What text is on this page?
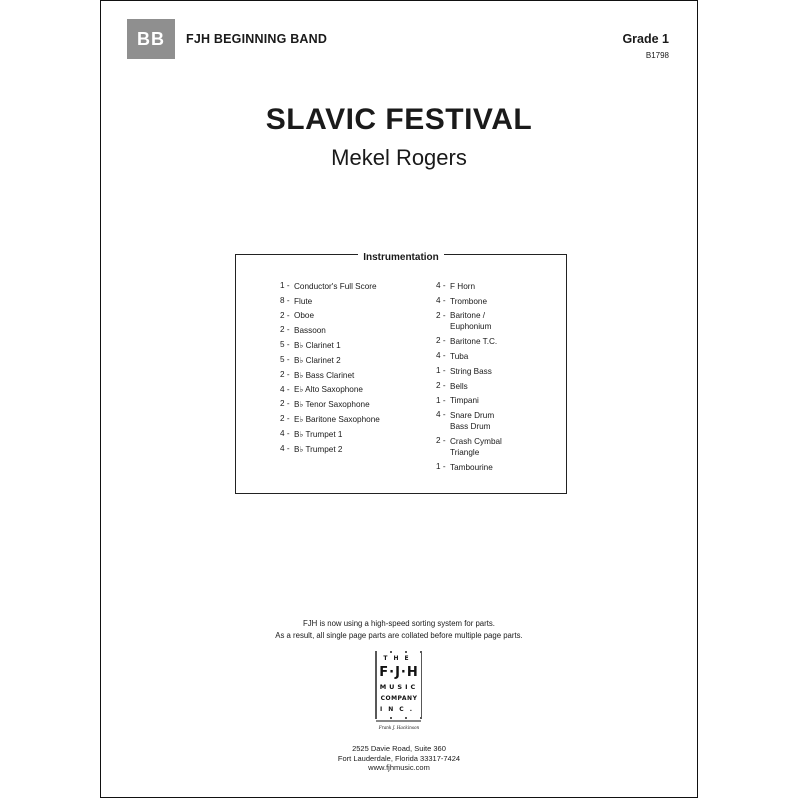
BB	FJH BEGINNING BAND	Grade 1
B1798
SLAVIC FESTIVAL
Mekel Rogers
Instrumentation
1 - Conductor's Full Score
8 - Flute
2 - Oboe
2 - Bassoon
5 - B♭ Clarinet 1
5 - B♭ Clarinet 2
2 - B♭ Bass Clarinet
4 - E♭ Alto Saxophone
2 - B♭ Tenor Saxophone
2 - E♭ Baritone Saxophone
4 - B♭ Trumpet 1
4 - B♭ Trumpet 2
4 - F Horn
4 - Trombone
2 - Baritone /
Euphonium
2 - Baritone T.C.
4 - Tuba
1 - String Bass
2 - Bells
1 - Timpani
4 - Snare Drum
Bass Drum
2 - Crash Cymbal
Triangle
1 - Tambourine
FJH is now using a high-speed sorting system for parts.
As a result, all single page parts are collated before multiple page parts.
THE
F·J·H
MUSIC
COMPANY
INC.
Frank J. Hackinson
2525 Davie Road, Suite 360
Fort Lauderdale, Florida 33317-7424
www.fjhmusic.com
